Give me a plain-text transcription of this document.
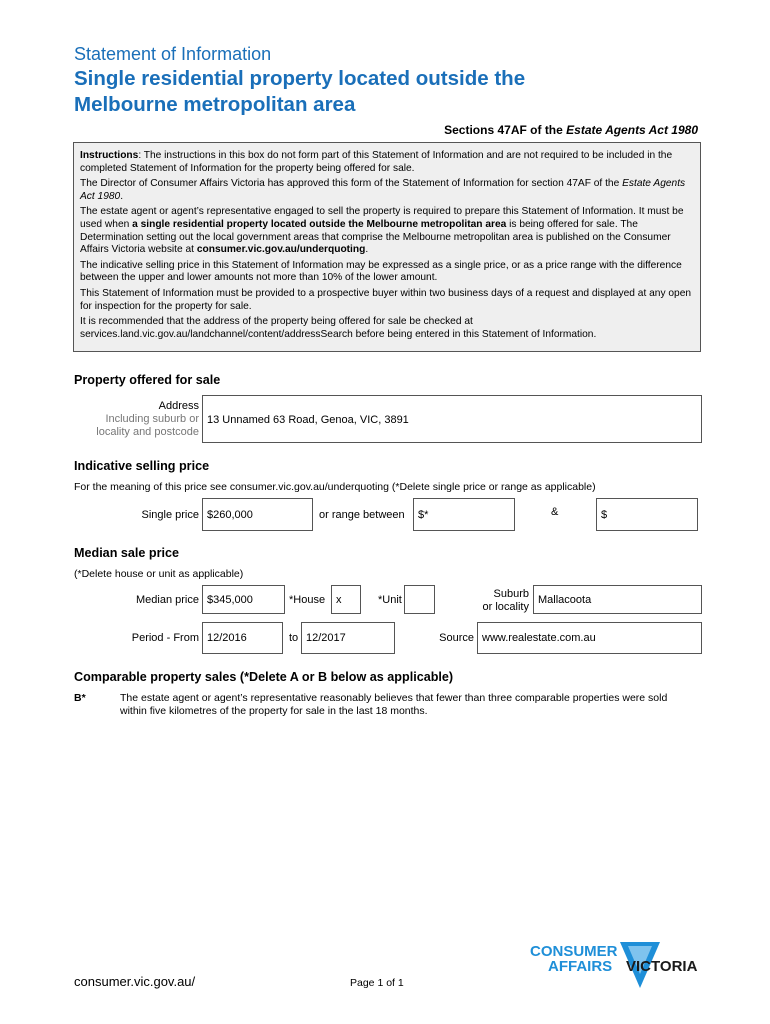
Statement of Information
Single residential property located outside the
Melbourne metropolitan area
Sections 47AF of the Estate Agents Act 1980

Instructions: The instructions in this box do not form part of this Statement of Information and are not required to be included in the completed Statement of Information for the property being offered for sale.

The Director of Consumer Affairs Victoria has approved this form of the Statement of Information for section 47AF of the Estate Agents Act 1980.

The estate agent or agent’s representative engaged to sell the property is required to prepare this Statement of Information. It must be used when a single residential property located outside the Melbourne metropolitan area is being offered for sale. The Determination setting out the local government areas that comprise the Melbourne metropolitan area is published on the Consumer Affairs Victoria website at consumer.vic.gov.au/underquoting.

The indicative selling price in this Statement of Information may be expressed as a single price, or as a price range with the difference between the upper and lower amounts not more than 10% of the lower amount.

This Statement of Information must be provided to a prospective buyer within two business days of a request and displayed at any open for inspection for the property for sale.

It is recommended that the address of the property being offered for sale be checked at services.land.vic.gov.au/landchannel/content/addressSearch before being entered in this Statement of Information.

Property offered for sale
Address
Including suburb or
locality and postcode
13 Unnamed 63 Road, Genoa, VIC, 3891
Indicative selling price
For the meaning of this price see consumer.vic.gov.au/underquoting (*Delete single price or range as applicable)
Single price $260,000	or range between	$*	&	$
Median sale price
(*Delete house or unit as applicable)
Median price $345,000	*House x	*Unit	Suburb
or locality
Mallacoota
Period - From 12/2016	to 12/2017	Source www.realestate.com.au
Comparable property sales (*Delete A or B below as applicable)
B*	The estate agent or agent’s representative reasonably believes that fewer than three comparable properties were sold within five kilometres of the property for sale in the last 18 months.
consumer.vic.gov.au/	Page 1 of 1
CONSUMER
AFFAIRS VICTORIA
